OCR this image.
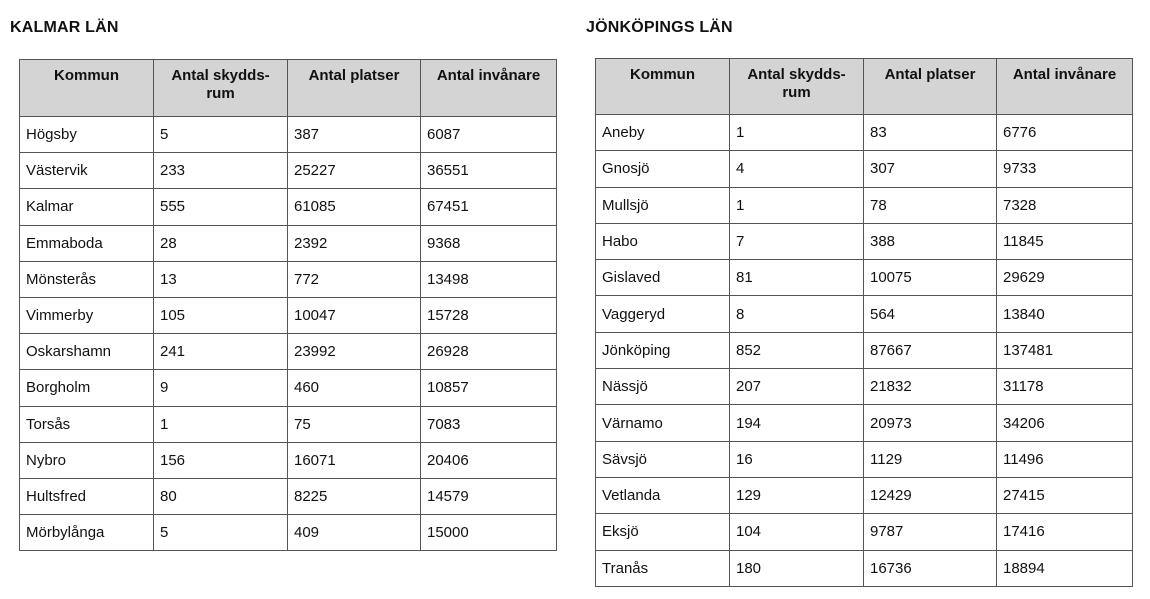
KALMAR LÄN
Kommun	Antal skydds-rum	Antal platser	Antal invånare
Högsby	5	387	6087
Västervik	233	25227	36551
Kalmar	555	61085	67451
Emmaboda	28	2392	9368
Mönsterås	13	772	13498
Vimmerby	105	10047	15728
Oskarshamn	241	23992	26928
Borgholm	9	460	10857
Torsås	1	75	7083
Nybro	156	16071	20406
Hultsfred	80	8225	14579
Mörbylånga	5	409	15000
JÖNKÖPINGS LÄN
Kommun	Antal skydds-rum	Antal platser	Antal invånare
Aneby	1	83	6776
Gnosjö	4	307	9733
Mullsjö	1	78	7328
Habo	7	388	11845
Gislaved	81	10075	29629
Vaggeryd	8	564	13840
Jönköping	852	87667	137481
Nässjö	207	21832	31178
Värnamo	194	20973	34206
Sävsjö	16	1129	11496
Vetlanda	129	12429	27415
Eksjö	104	9787	17416
Tranås	180	16736	18894
